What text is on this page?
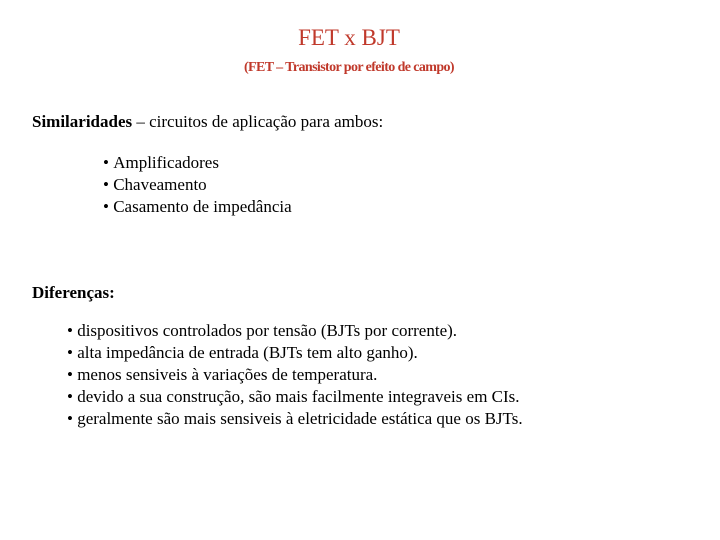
FET x BJT
(FET – Transistor por efeito de campo)
Similaridades – circuitos de aplicação para ambos:
• Amplificadores
• Chaveamento
• Casamento de impedância
Diferenças:
• dispositivos controlados por tensão (BJTs por corrente).
• alta impedância de entrada (BJTs tem alto ganho).
• menos sensiveis à variações de temperatura.
• devido a sua construção, são mais facilmente integraveis em CIs.
• geralmente são mais sensiveis à eletricidade estática que os BJTs.
